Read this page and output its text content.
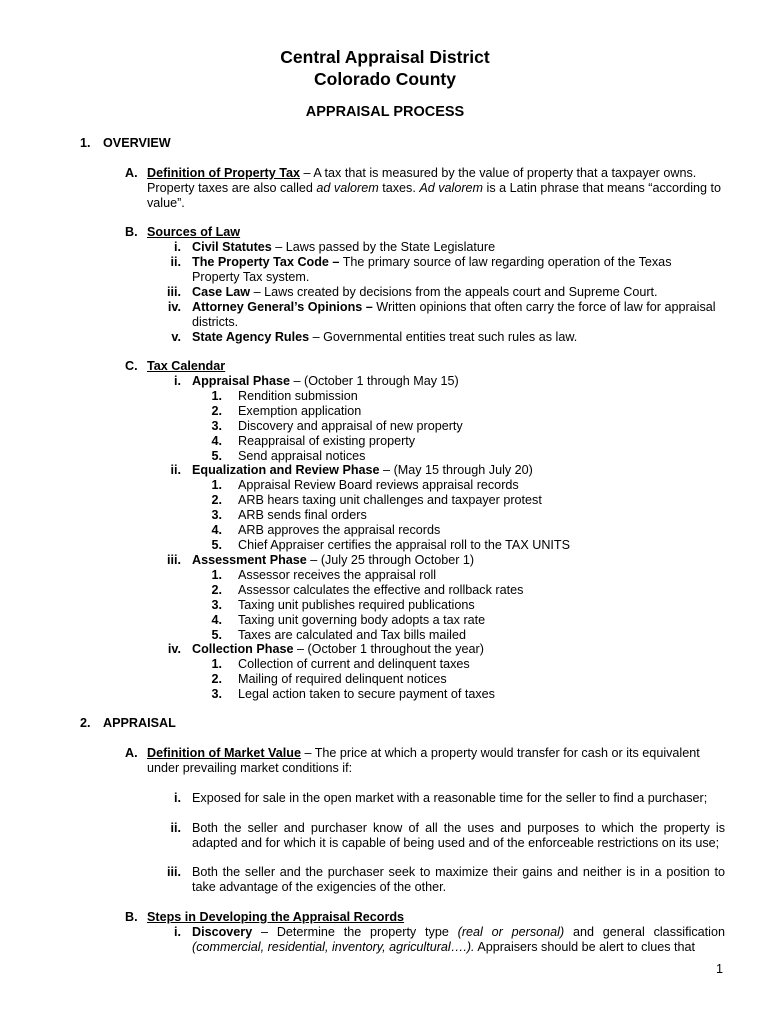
Central Appraisal District
Colorado County
APPRAISAL PROCESS
1. OVERVIEW
A. Definition of Property Tax – A tax that is measured by the value of property that a taxpayer owns. Property taxes are also called ad valorem taxes. Ad valorem is a Latin phrase that means “according to value”.
B. Sources of Law
i. Civil Statutes – Laws passed by the State Legislature
ii. The Property Tax Code – The primary source of law regarding operation of the Texas Property Tax system.
iii. Case Law – Laws created by decisions from the appeals court and Supreme Court.
iv. Attorney General’s Opinions – Written opinions that often carry the force of law for appraisal districts.
v. State Agency Rules – Governmental entities treat such rules as law.
C. Tax Calendar
i. Appraisal Phase – (October 1 through May 15)
1. Rendition submission
2. Exemption application
3. Discovery and appraisal of new property
4. Reappraisal of existing property
5. Send appraisal notices
ii. Equalization and Review Phase – (May 15 through July 20)
1. Appraisal Review Board reviews appraisal records
2. ARB hears taxing unit challenges and taxpayer protest
3. ARB sends final orders
4. ARB approves the appraisal records
5. Chief Appraiser certifies the appraisal roll to the TAX UNITS
iii. Assessment Phase – (July 25 through October 1)
1. Assessor receives the appraisal roll
2. Assessor calculates the effective and rollback rates
3. Taxing unit publishes required publications
4. Taxing unit governing body adopts a tax rate
5. Taxes are calculated and Tax bills mailed
iv. Collection Phase – (October 1 throughout the year)
1. Collection of current and delinquent taxes
2. Mailing of required delinquent notices
3. Legal action taken to secure payment of taxes
2. APPRAISAL
A. Definition of Market Value – The price at which a property would transfer for cash or its equivalent under prevailing market conditions if:
i. Exposed for sale in the open market with a reasonable time for the seller to find a purchaser;
ii. Both the seller and purchaser know of all the uses and purposes to which the property is adapted and for which it is capable of being used and of the enforceable restrictions on its use;
iii. Both the seller and the purchaser seek to maximize their gains and neither is in a position to take advantage of the exigencies of the other.
B. Steps in Developing the Appraisal Records
i. Discovery – Determine the property type (real or personal) and general classification (commercial, residential, inventory, agricultural….). Appraisers should be alert to clues that
1
